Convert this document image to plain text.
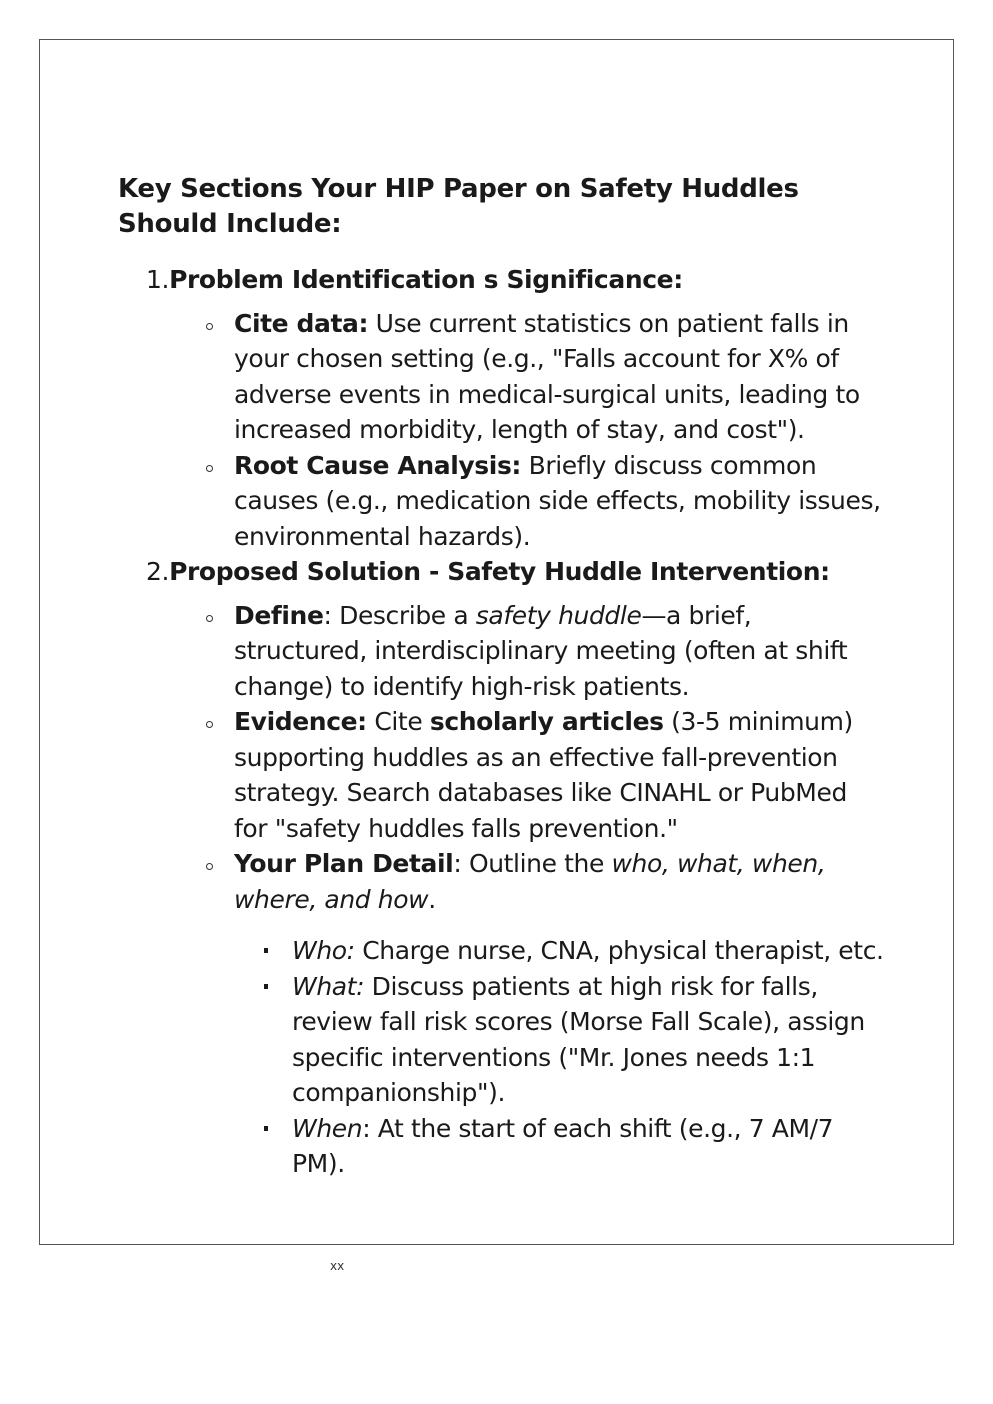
Key Sections Your HIP Paper on Safety Huddles Should Include:
1. Problem Identification s Significance:
Cite data: Use current statistics on patient falls in your chosen setting (e.g., "Falls account for X% of adverse events in medical-surgical units, leading to increased morbidity, length of stay, and cost").
Root Cause Analysis: Briefly discuss common causes (e.g., medication side effects, mobility issues, environmental hazards).
2. Proposed Solution - Safety Huddle Intervention:
Define: Describe a safety huddle—a brief, structured, interdisciplinary meeting (often at shift change) to identify high-risk patients.
Evidence: Cite scholarly articles (3-5 minimum) supporting huddles as an effective fall-prevention strategy. Search databases like CINAHL or PubMed for "safety huddles falls prevention."
Your Plan Detail: Outline the who, what, when, where, and how.
Who: Charge nurse, CNA, physical therapist, etc.
What: Discuss patients at high risk for falls, review fall risk scores (Morse Fall Scale), assign specific interventions ("Mr. Jones needs 1:1 companionship").
When: At the start of each shift (e.g., 7 AM/7 PM).
xx
